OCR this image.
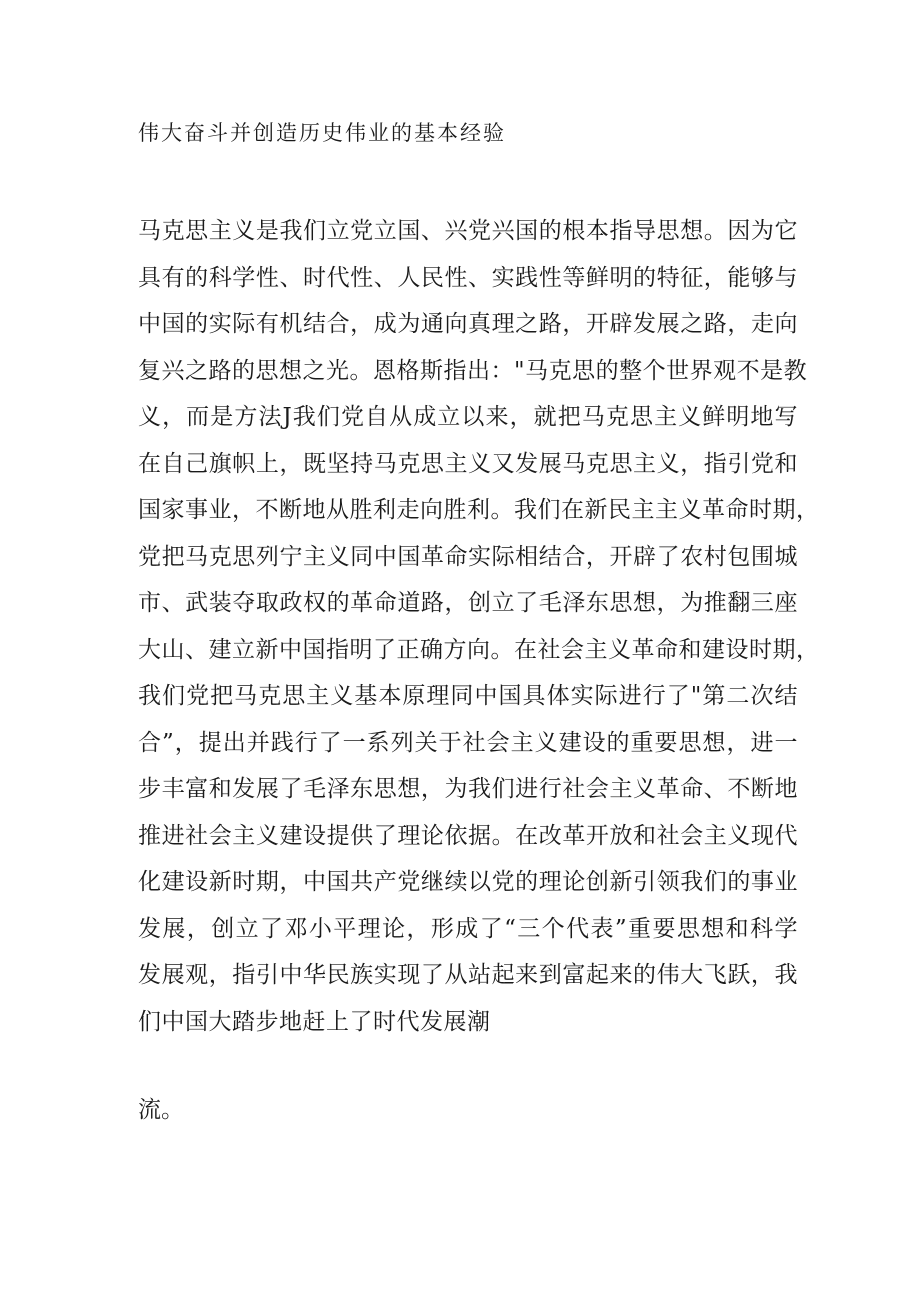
伟大奋斗并创造历史伟业的基本经验
马克思主义是我们立党立国、兴党兴国的根本指导思想。因为它
具有的科学性、时代性、人民性、实践性等鲜明的特征，能够与
中国的实际有机结合，成为通向真理之路，开辟发展之路，走向
复兴之路的思想之光。恩格斯指出："马克思的整个世界观不是教
义，而是方法J我们党自从成立以来，就把马克思主义鲜明地写
在自己旗帜上，既坚持马克思主义又发展马克思主义，指引党和
国家事业，不断地从胜利走向胜利。我们在新民主主义革命时期，
党把马克思列宁主义同中国革命实际相结合，开辟了农村包围城
市、武装夺取政权的革命道路，创立了毛泽东思想，为推翻三座
大山、建立新中国指明了正确方向。在社会主义革命和建设时期，
我们党把马克思主义基本原理同中国具体实际进行了"第二次结
合”，提出并践行了一系列关于社会主义建设的重要思想，进一
步丰富和发展了毛泽东思想，为我们进行社会主义革命、不断地
推进社会主义建设提供了理论依据。在改革开放和社会主义现代
化建设新时期，中国共产党继续以党的理论创新引领我们的事业
发展，创立了邓小平理论，形成了“三个代表”重要思想和科学
发展观，指引中华民族实现了从站起来到富起来的伟大飞跃，我
们中国大踏步地赶上了时代发展潮
流。
